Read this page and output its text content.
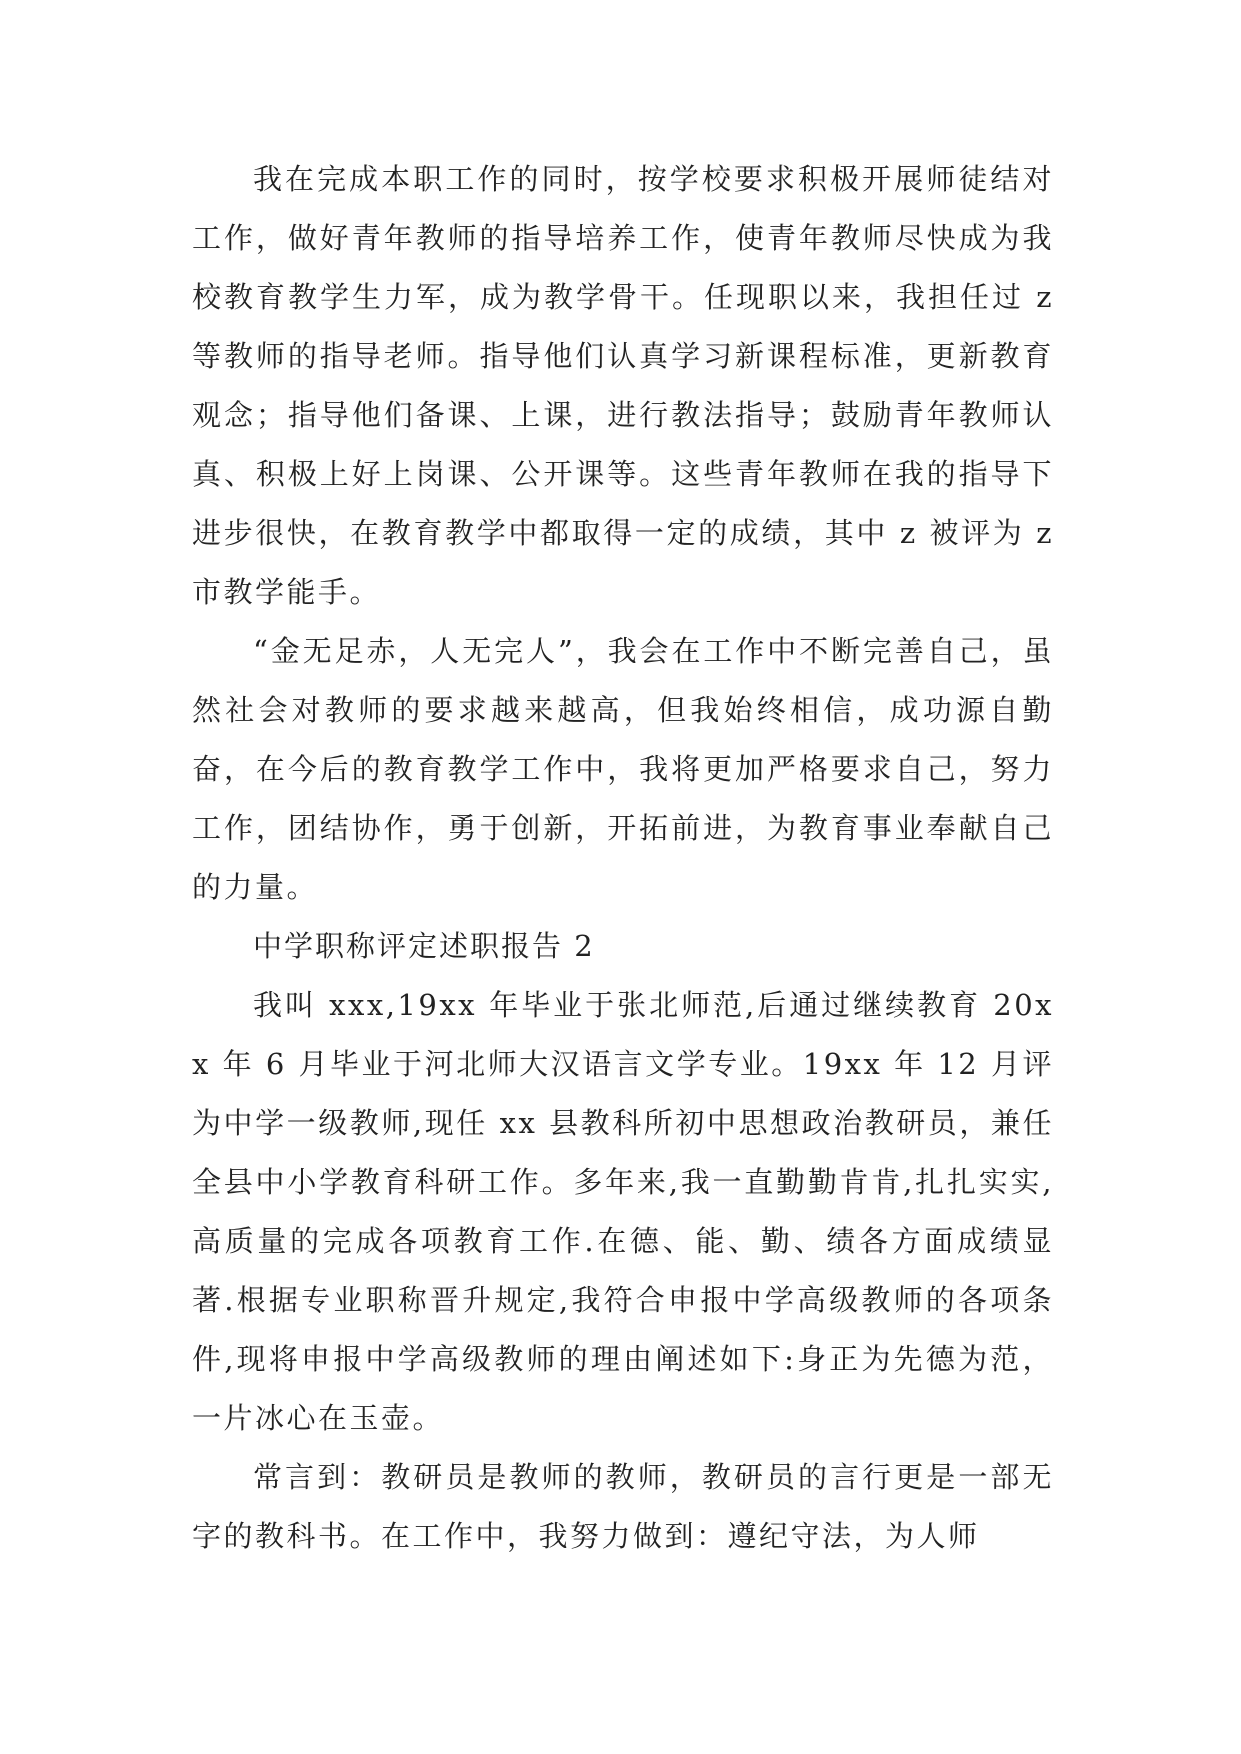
我在完成本职工作的同时，按学校要求积极开展师徒结对工作，做好青年教师的指导培养工作，使青年教师尽快成为我校教育教学生力军，成为教学骨干。任现职以来，我担任过 z 等教师的指导老师。指导他们认真学习新课程标准，更新教育观念；指导他们备课、上课，进行教法指导；鼓励青年教师认真、积极上好上岗课、公开课等。这些青年教师在我的指导下进步很快，在教育教学中都取得一定的成绩，其中 z 被评为 z 市教学能手。

“金无足赤，人无完人”，我会在工作中不断完善自己，虽然社会对教师的要求越来越高，但我始终相信，成功源自勤奋，在今后的教育教学工作中，我将更加严格要求自己，努力工作，团结协作，勇于创新，开拓前进，为教育事业奉献自己的力量。

中学职称评定述职报告 2

我叫 xxx,19xx 年毕业于张北师范,后通过继续教育 20xx 年 6 月毕业于河北师大汉语言文学专业。19xx 年 12 月评为中学一级教师,现任 xx 县教科所初中思想政治教研员，兼任全县中小学教育科研工作。多年来,我一直勤勤肯肯,扎扎实实,高质量的完成各项教育工作.在德、能、勤、绩各方面成绩显著.根据专业职称晋升规定,我符合申报中学高级教师的各项条件,现将申报中学高级教师的理由阐述如下:身正为先德为范，一片冰心在玉壶。

常言到：教研员是教师的教师，教研员的言行更是一部无字的教科书。在工作中，我努力做到：遵纪守法，为人师
